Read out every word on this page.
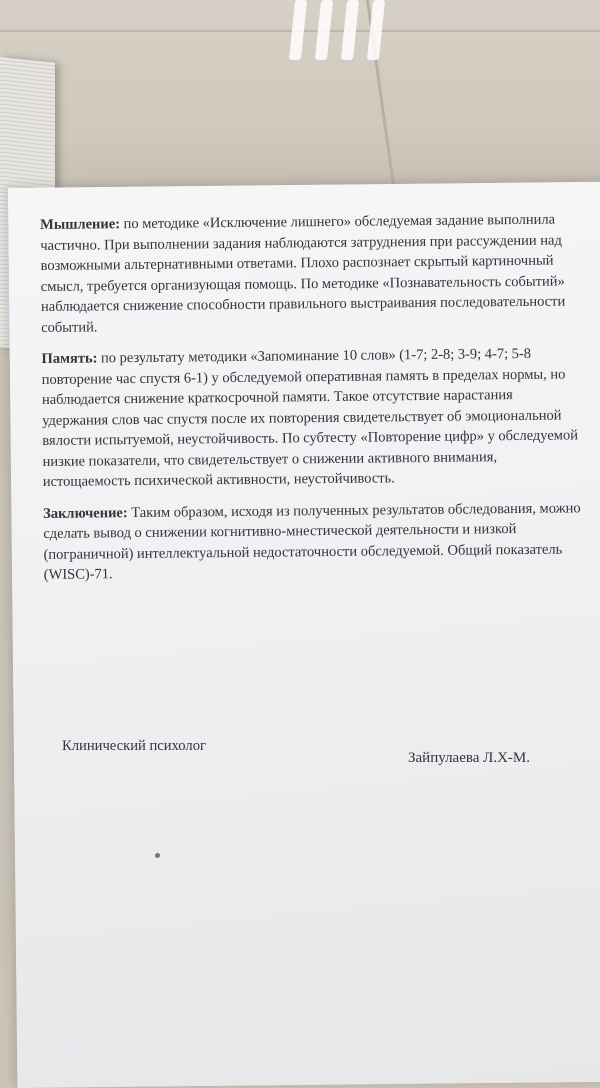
Мышление: по методике «Исключение лишнего» обследуемая задание выполнила частично. При выполнении задания наблюдаются затруднения при рассуждении над возможными альтернативными ответами. Плохо распознает скрытый картиночный смысл, требуется организующая помощь. По методике «Познавательность событий» наблюдается снижение способности правильного выстраивания последовательности событий.

Память: по результату методики «Запоминание 10 слов» (1-7; 2-8; 3-9; 4-7; 5-8 повторение час спустя 6-1) у обследуемой оперативная память в пределах нормы, но наблюдается снижение краткосрочной памяти. Такое отсутствие нарастания удержания слов час спустя после их повторения свидетельствует об эмоциональной вялости испытуемой, неустойчивость. По субтесту «Повторение цифр» у обследуемой низкие показатели, что свидетельствует о снижении активного внимания, истощаемость психической активности, неустойчивость.

Заключение: Таким образом, исходя из полученных результатов обследования, можно сделать вывод о снижении когнитивно-мнестической деятельности и низкой (пограничной) интеллектуальной недостаточности обследуемой. Общий показатель (WISC)-71.

Клинический психолог
Зайпулаева Л.Х-М.
